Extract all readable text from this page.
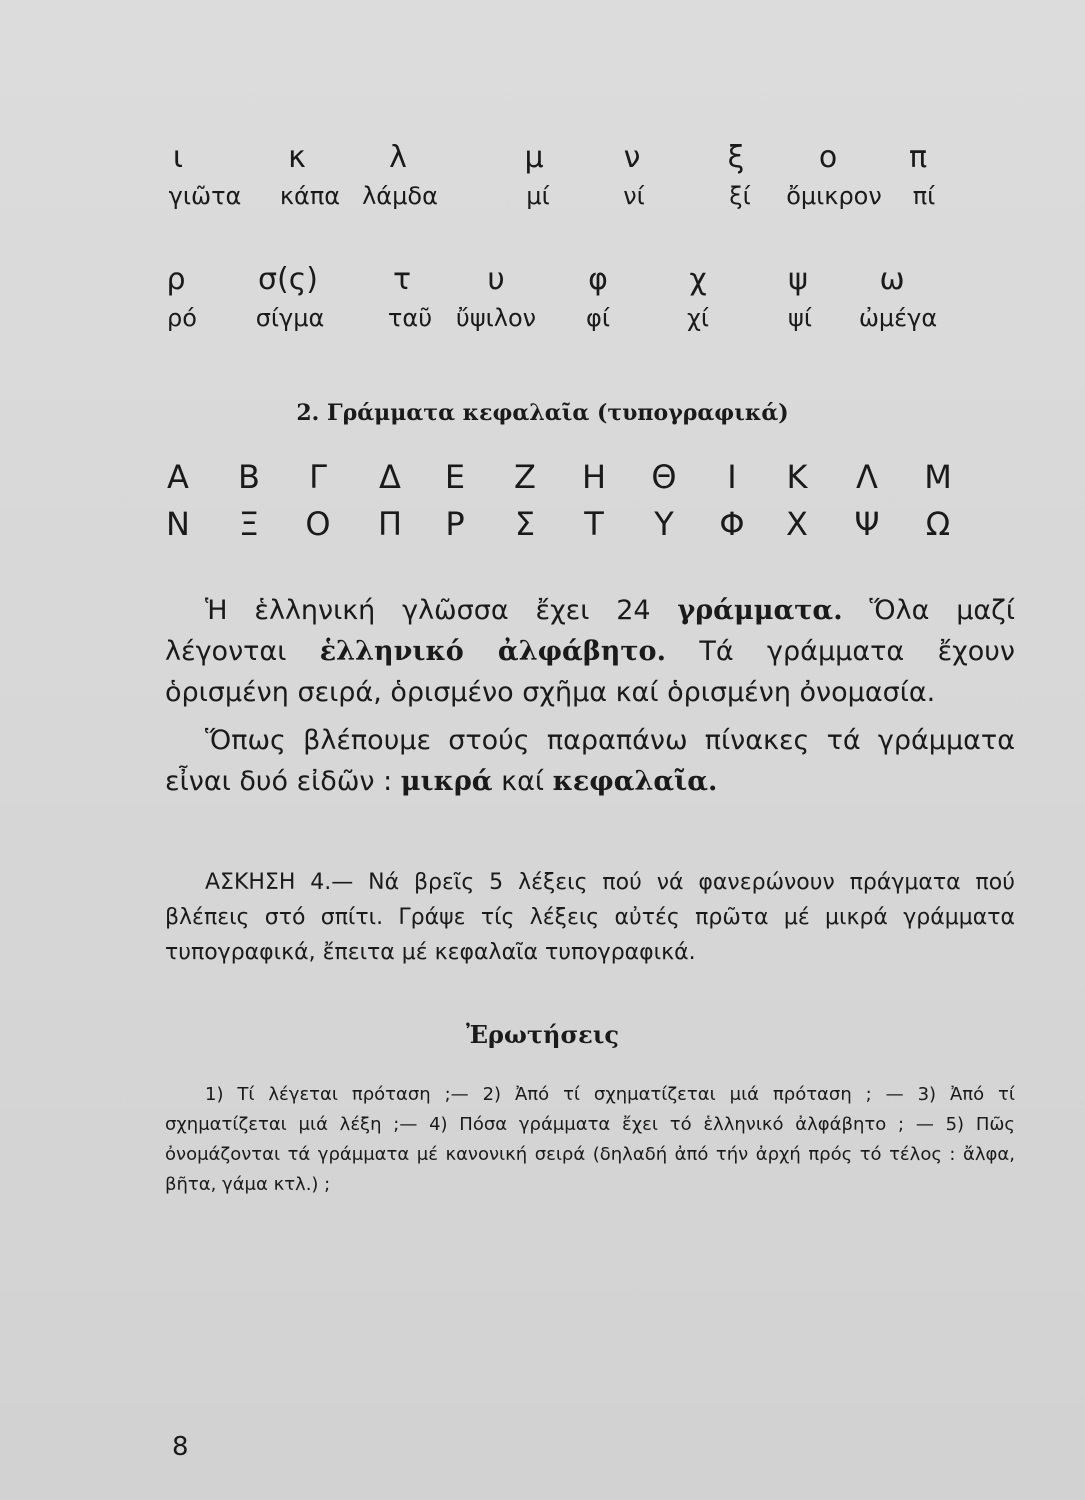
ι
γιῶτα
κ
κάπα
λ
λάμδα
μ
μί
ν
νί
ξ
ξί
ο
ὄμικρον
π
πί
ρ
ρό
σ(ς)
σίγμα
τ
ταῦ
υ
ὔψιλον
φ
φί
χ
χί
ψ
ψί
ω
ὠμέγα
2. Γράμματα κεφαλαῖα (τυπογραφικά)
Α Β Γ Δ Ε Ζ Η Θ Ι Κ Λ Μ
Ν Ξ Ο Π Ρ Σ Τ Υ Φ Χ Ψ Ω
Ἡ ἑλληνική γλῶσσα ἔχει 24 γράμματα. Ὅλα μαζί λέγονται ἑλληνικό ἀλφάβητο. Τά γράμματα ἔχουν ὁρισμένη σειρά, ὁρισμένο σχῆμα καί ὁρισμένη ὀνομασία.
Ὅπως βλέπουμε στούς παραπάνω πίνακες τά γράμματα εἶναι δυό εἰδῶν : μικρά καί κεφαλαῖα.
ΑΣΚΗΣΗ 4.— Νά βρεῖς 5 λέξεις πού νά φανερώνουν πράγματα πού βλέπεις στό σπίτι. Γράψε τίς λέξεις αὐτές πρῶτα μέ μικρά γράμματα τυπογραφικά, ἔπειτα μέ κεφαλαῖα τυπογραφικά.
Ἐρωτήσεις
1) Τί λέγεται πρόταση ;— 2) Ἀπό τί σχηματίζεται μιά πρόταση ; — 3) Ἀπό τί σχηματίζεται μιά λέξη ;— 4) Πόσα γράμματα ἔχει τό ἑλληνικό ἀλφάβητο ; — 5) Πῶς ὀνομάζονται τά γράμματα μέ κανονική σειρά (δηλαδή ἀπό τήν ἀρχή πρός τό τέλος : ἄλφα, βῆτα, γάμα κτλ.) ;
8
